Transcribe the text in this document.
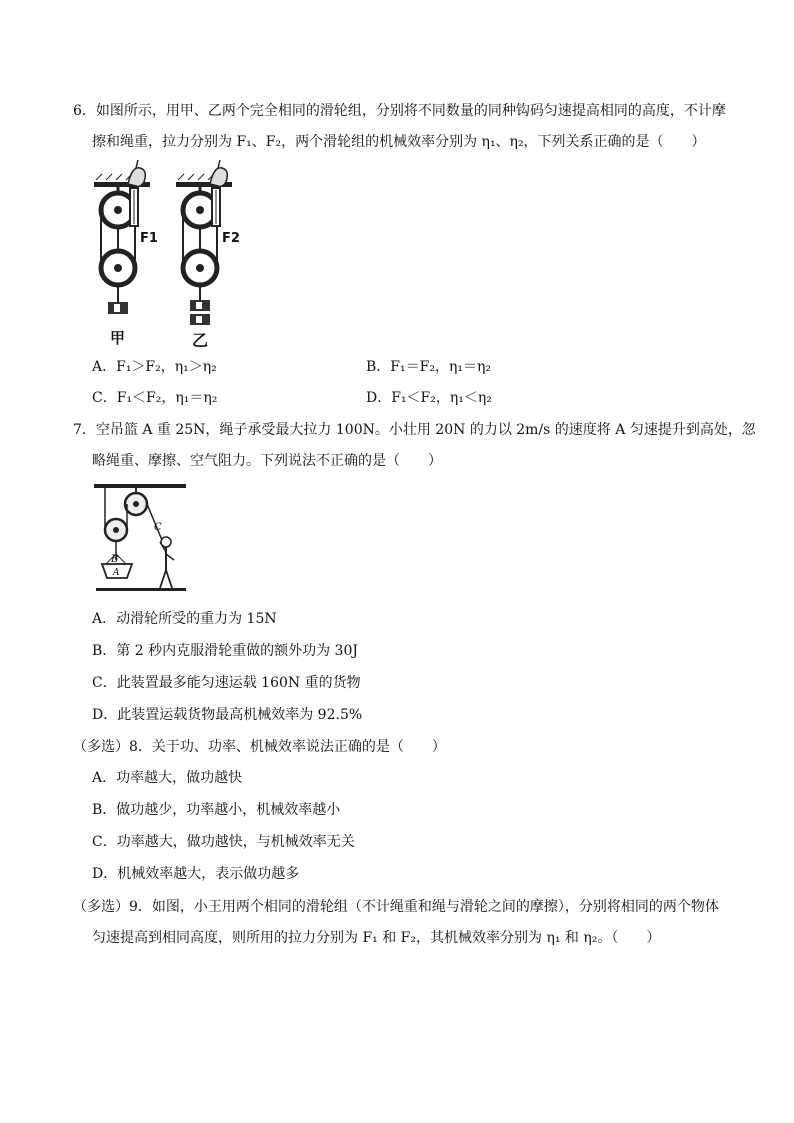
6．如图所示，用甲、乙两个完全相同的滑轮组，分别将不同数量的同种钩码匀速提高相同的高度，不计摩
擦和绳重，拉力分别为 F₁、F₂，两个滑轮组的机械效率分别为 η₁、η₂，下列关系正确的是（　　）
F1	F2
甲	乙
A．F₁＞F₂，η₁＞η₂	B．F₁＝F₂，η₁＝η₂
C．F₁＜F₂，η₁＝η₂	D．F₁＜F₂，η₁＜η₂
7．空吊篮 A 重 25N，绳子承受最大拉力 100N。小壮用 20N 的力以 2m/s 的速度将 A 匀速提升到高处，忽
略绳重、摩擦、空气阻力。下列说法不正确的是（　　）
B
C
A
A．动滑轮所受的重力为 15N
B．第 2 秒内克服滑轮重做的额外功为 30J
C．此装置最多能匀速运载 160N 重的货物
D．此装置运载货物最高机械效率为 92.5%
（多选）8．关于功、功率、机械效率说法正确的是（　　）
A．功率越大，做功越快
B．做功越少，功率越小，机械效率越小
C．功率越大，做功越快，与机械效率无关
D．机械效率越大，表示做功越多
（多选）9．如图，小王用两个相同的滑轮组（不计绳重和绳与滑轮之间的摩擦），分别将相同的两个物体
匀速提高到相同高度，则所用的拉力分别为 F₁ 和 F₂，其机械效率分别为 η₁ 和 η₂。（　　）
